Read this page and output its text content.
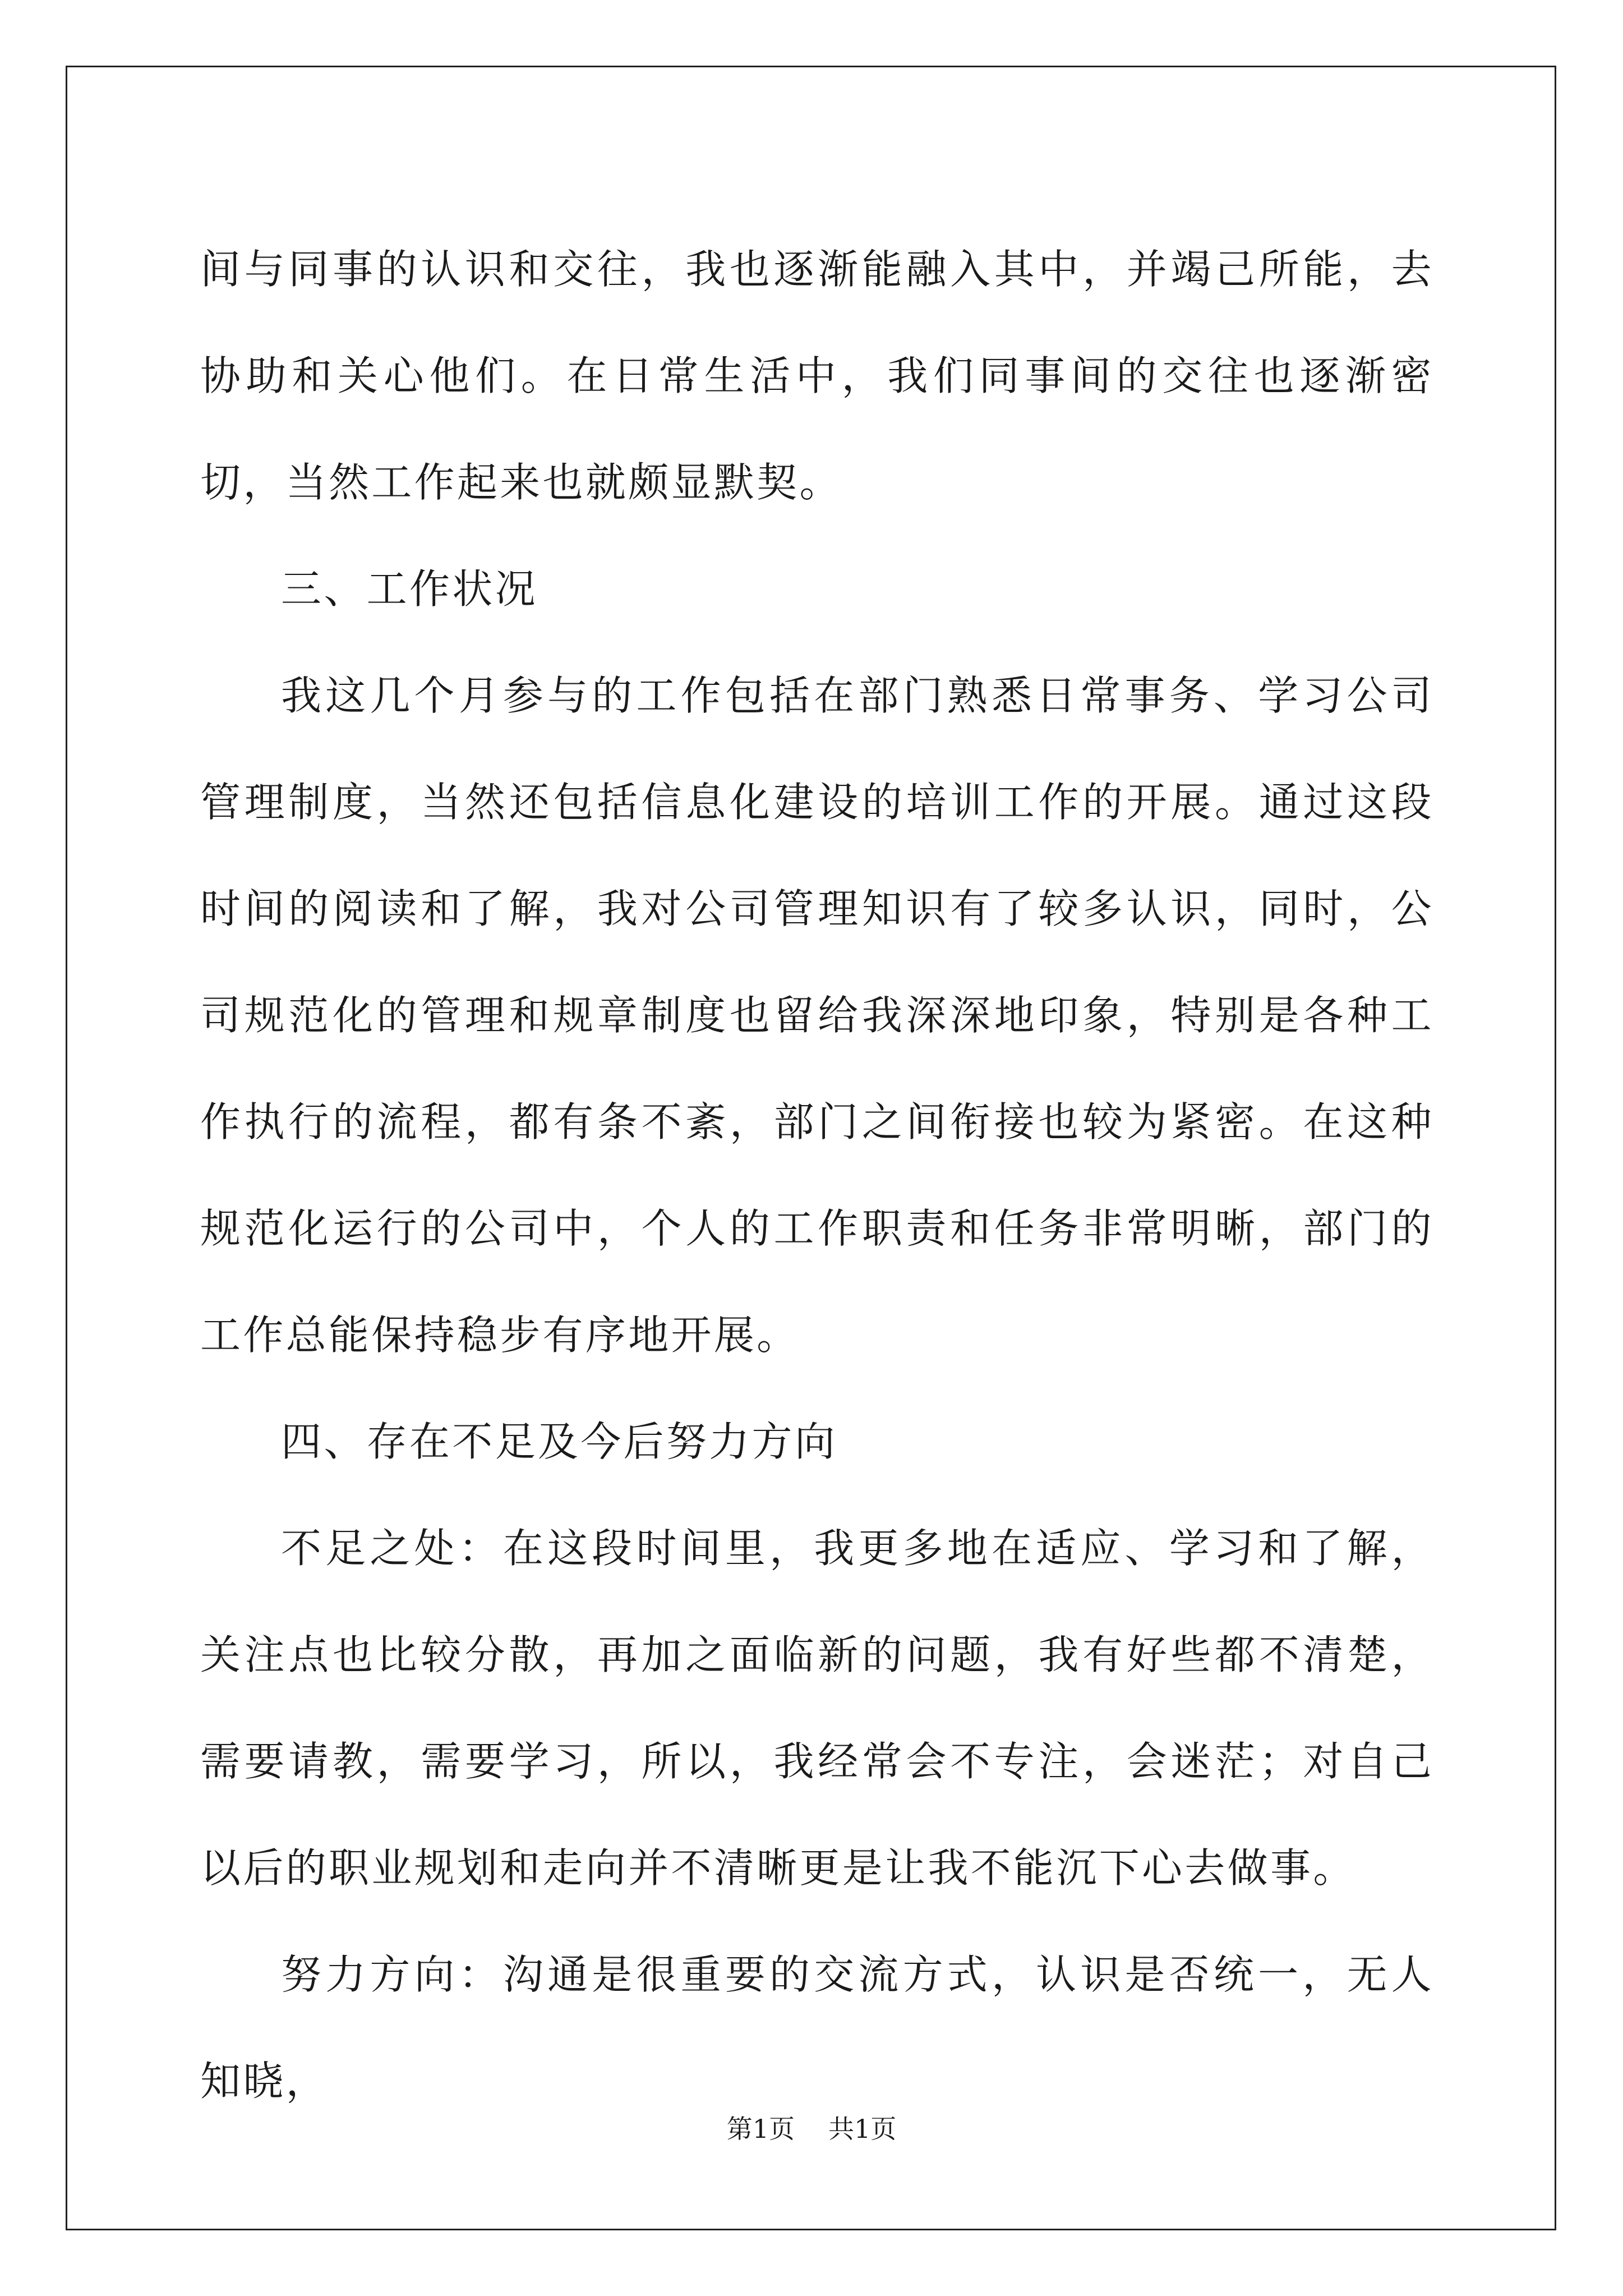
间与同事的认识和交往，我也逐渐能融入其中，并竭己所能，去协助和关心他们。在日常生活中，我们同事间的交往也逐渐密切，当然工作起来也就颇显默契。

三、工作状况

我这几个月参与的工作包括在部门熟悉日常事务、学习公司管理制度，当然还包括信息化建设的培训工作的开展。通过这段时间的阅读和了解，我对公司管理知识有了较多认识，同时，公司规范化的管理和规章制度也留给我深深地印象，特别是各种工作执行的流程，都有条不紊，部门之间衔接也较为紧密。在这种规范化运行的公司中，个人的工作职责和任务非常明晰，部门的工作总能保持稳步有序地开展。

四、存在不足及今后努力方向

不足之处：在这段时间里，我更多地在适应、学习和了解，关注点也比较分散，再加之面临新的问题，我有好些都不清楚，需要请教，需要学习，所以，我经常会不专注，会迷茫；对自己以后的职业规划和走向并不清晰更是让我不能沉下心去做事。

努力方向：沟通是很重要的交流方式，认识是否统一，无人知晓，

第1页 共1页
